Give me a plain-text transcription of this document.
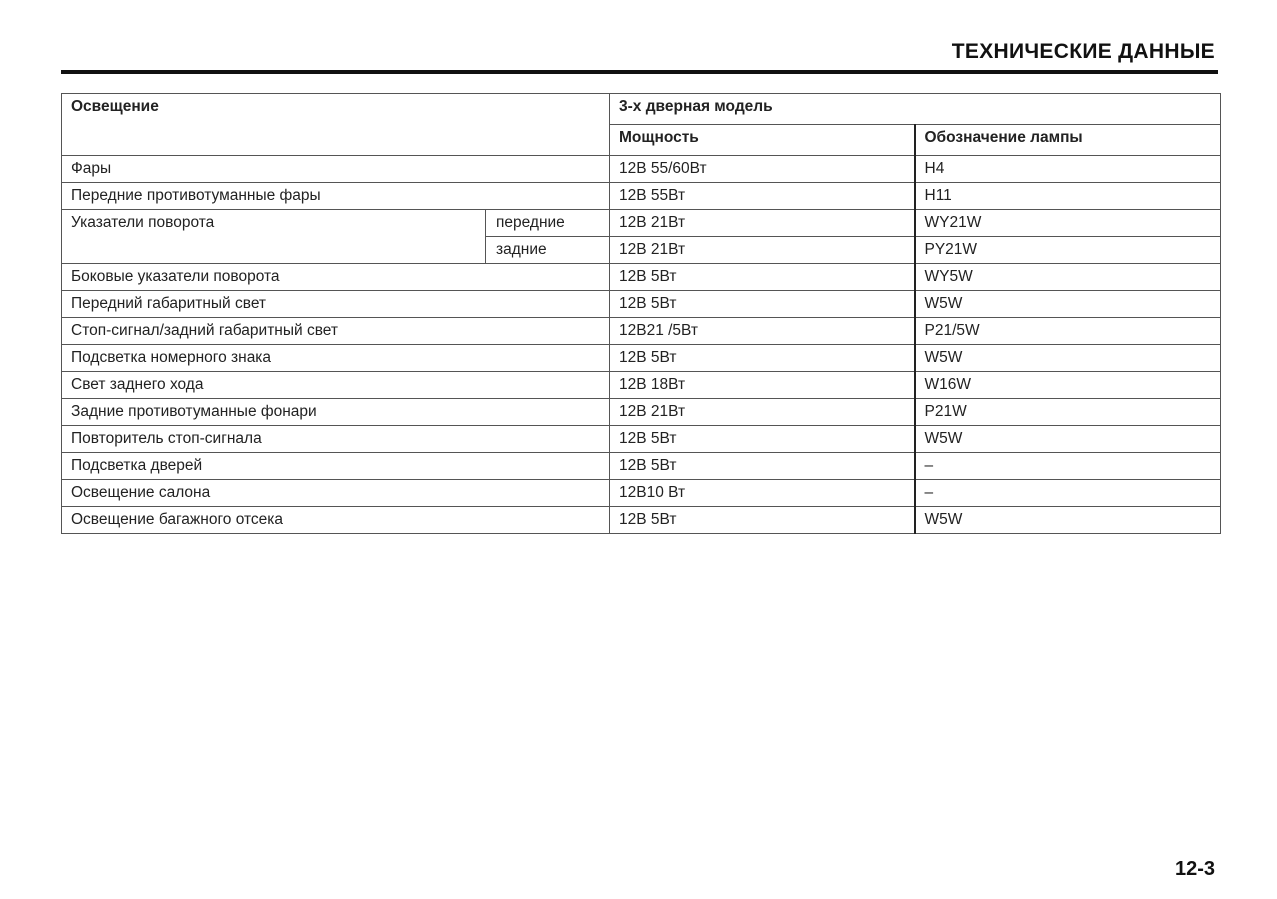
ТЕХНИЧЕСКИЕ ДАННЫЕ
Освещение		3-х дверная модель	
		Мощность	Обозначение лампы
Фары		12В 55/60Вт	H4
Передние противотуманные фары		12В 55Вт	H11
Указатели поворота	передние	12В 21Вт	WY21W
	задние	12В 21Вт	PY21W
Боковые указатели поворота		12В 5Вт	WY5W
Передний габаритный свет		12В 5Вт	W5W
Стоп-сигнал/задний габаритный свет		12В21 /5Вт	P21/5W
Подсветка номерного знака		12В 5Вт	W5W
Свет заднего хода		12В 18Вт	W16W
Задние противотуманные фонари		12В 21Вт	P21W
Повторитель стоп-сигнала		12В 5Вт	W5W
Подсветка дверей		12В 5Вт	–
Освещение салона		12В10 Вт	–
Освещение багажного отсека		12В 5Вт	W5W
12-3
